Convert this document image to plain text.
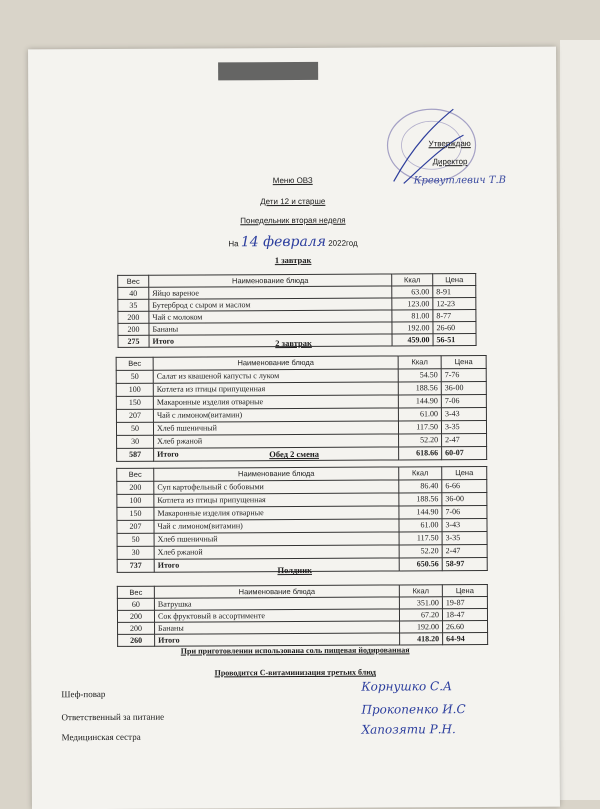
Утверждаю
Директор
Кревутлевич Т.В
Меню ОВЗ
Дети 12 и старше
Понедельник вторая неделя
На 14 февраля 2022год
1 завтрак
Вес	Наименование блюда	Ккал	Цена
40	Яйцо вареное	63.00	8-91
35	Бутерброд с сыром и маслом	123.00	12-23
200	Чай с молоком	81.00	8-77
200	Бананы	192.00	26-60
275	Итого	459.00	56-51
2 завтрак
Вес	Наименование блюда	Ккал	Цена
50	Салат из квашеной капусты с луком	54.50	7-76
100	Котлета из птицы припущенная	188.56	36-00
150	Макаронные изделия отварные	144.90	7-06
207	Чай с лимоном(витамин)	61.00	3-43
50	Хлеб пшеничный	117.50	3-35
30	Хлеб ржаной	52.20	2-47
587	Итого	618.66	60-07
Обед 2 смена
Вес	Наименование блюда	Ккал	Цена
200	Суп картофельный с бобовыми	86.40	6-66
100	Котлета из птицы припущенная	188.56	36-00
150	Макаронные изделия отварные	144.90	7-06
207	Чай с лимоном(витамин)	61.00	3-43
50	Хлеб пшеничный	117.50	3-35
30	Хлеб ржаной	52.20	2-47
737	Итого	650.56	58-97
Полдник
Вес	Наименование блюда	Ккал	Цена
60	Ватрушка	351.00	19-87
200	Сок фруктовый в ассортименте	67.20	18-47
200	Бананы	192.00	26.60
260	Итого	418.20	64-94
При приготовлении использована соль пищевая йодированная
Проводится С-витаминизация третьих блюд
Шеф-повар
Корнушко С.А
Ответственный за питание
Прокопенко И.С
Медицинская сестра
Хапозяти Р.Н.
